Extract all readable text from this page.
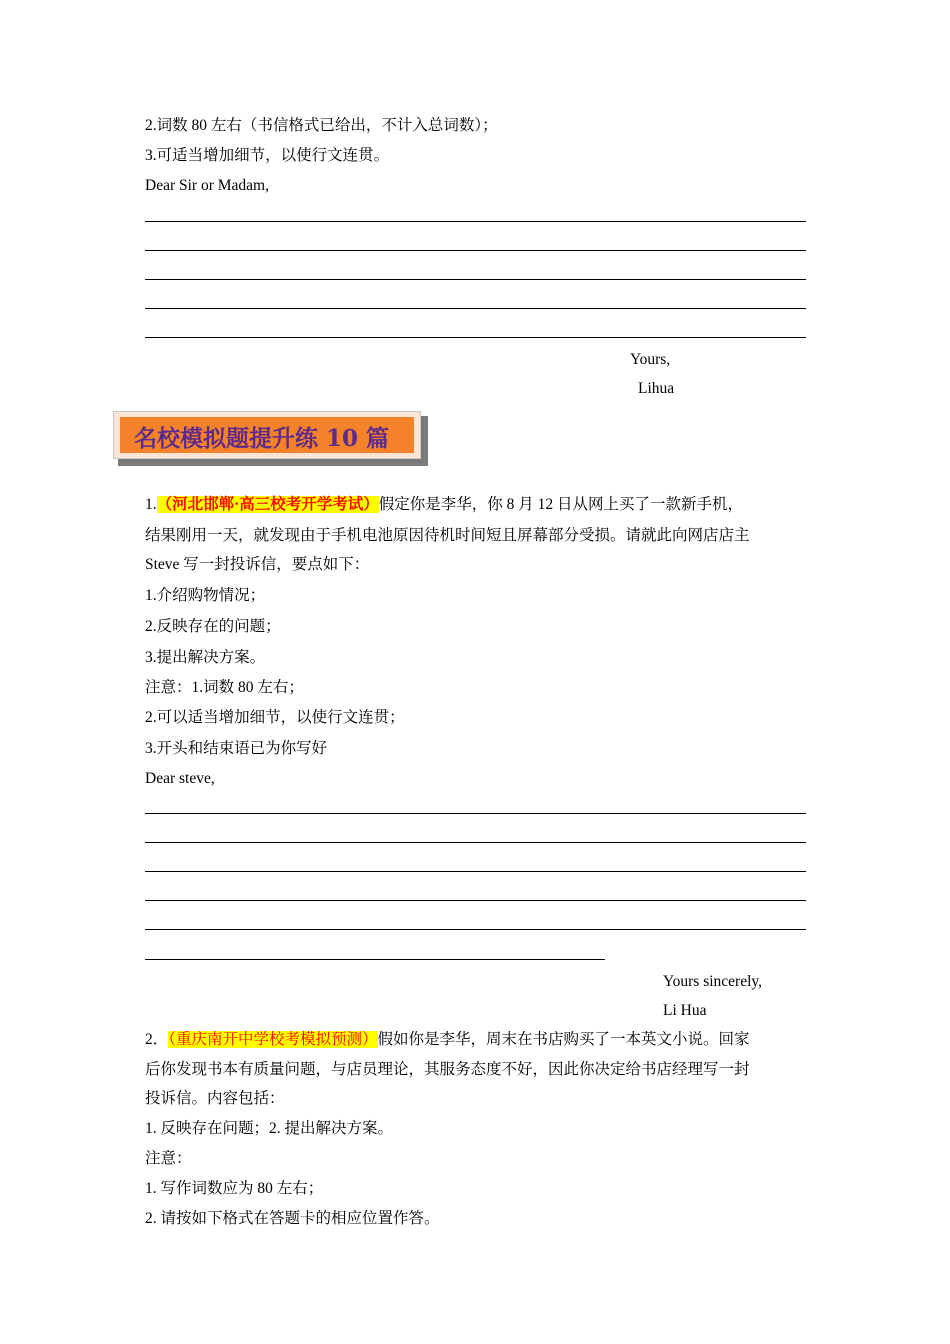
2.词数 80 左右（书信格式已给出，不计入总词数）；

3.可适当增加细节，以使行文连贯。

Dear Sir or Madam,

Yours,
Lihua
名校模拟题提升练 10 篇

1.（河北邯郸·高三校考开学考试）假定你是李华，你 8 月 12 日从网上买了一款新手机，

结果刚用一天，就发现由于手机电池原因待机时间短且屏幕部分受损。请就此向网店店主

Steve 写一封投诉信，要点如下：

1.介绍购物情况；

2.反映存在的问题；

3.提出解决方案。

注意：1.词数 80 左右；

2.可以适当增加细节，以使行文连贯；

3.开头和结束语已为你写好

Dear steve,

Yours sincerely,
Li Hua

2．（重庆南开中学校考模拟预测）假如你是李华，周末在书店购买了一本英文小说。回家

后你发现书本有质量问题，与店员理论，其服务态度不好，因此你决定给书店经理写一封

投诉信。内容包括：

1. 反映存在问题；2. 提出解决方案。

注意：

1. 写作词数应为 80 左右；

2. 请按如下格式在答题卡的相应位置作答。
